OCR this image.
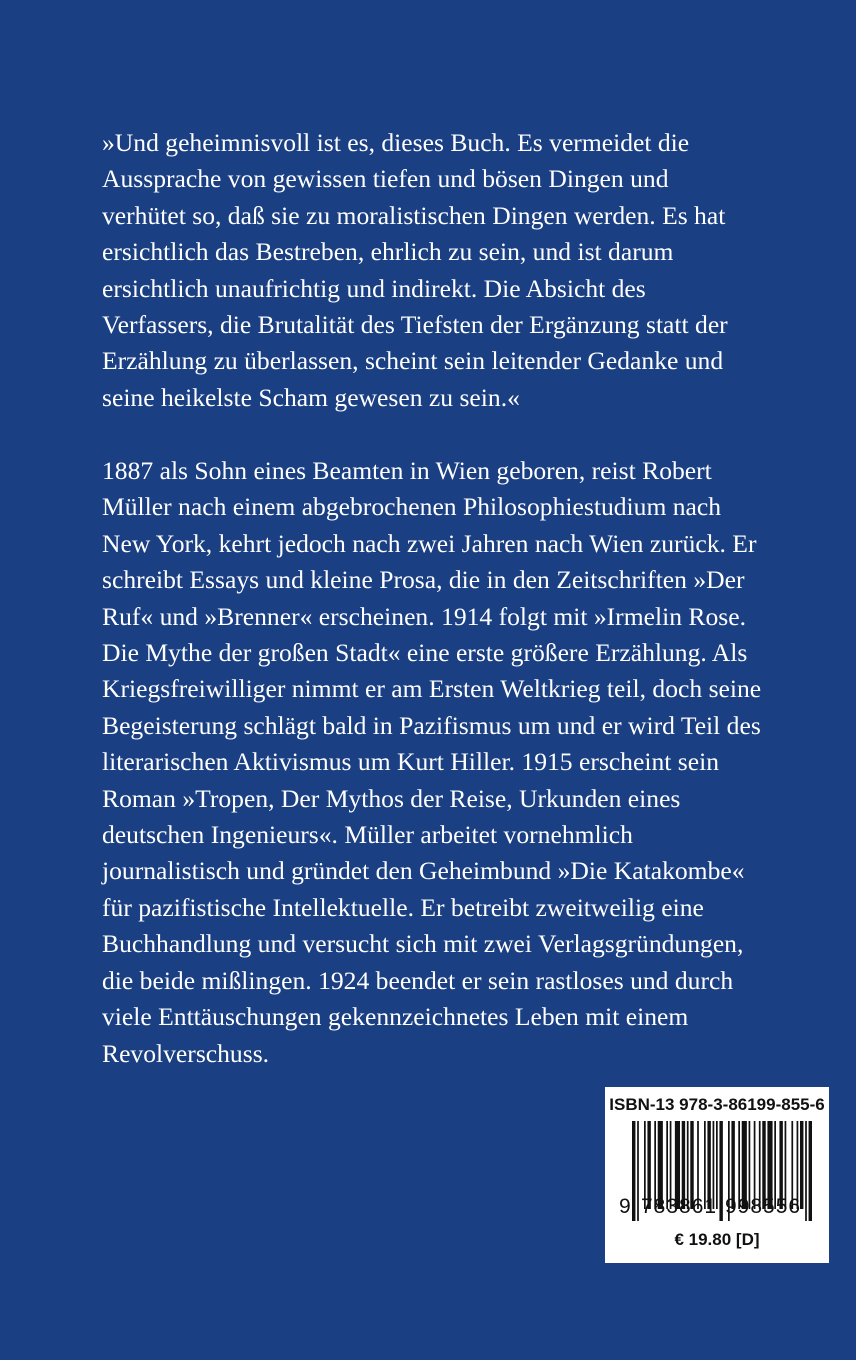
»Und geheimnisvoll ist es, dieses Buch. Es vermeidet die
Aussprache von gewissen tiefen und bösen Dingen und
verhütet so, daß sie zu moralistischen Dingen werden. Es hat
ersichtlich das Bestreben, ehrlich zu sein, und ist darum
ersichtlich unaufrichtig und indirekt. Die Absicht des
Verfassers, die Brutalität des Tiefsten der Ergänzung statt der
Erzählung zu überlassen, scheint sein leitender Gedanke und
seine heikelste Scham gewesen zu sein.«
1887 als Sohn eines Beamten in Wien geboren, reist Robert
Müller nach einem abgebrochenen Philosophiestudium nach
New York, kehrt jedoch nach zwei Jahren nach Wien zurück. Er
schreibt Essays und kleine Prosa, die in den Zeitschriften »Der
Ruf« und »Brenner« erscheinen. 1914 folgt mit »Irmelin Rose.
Die Mythe der großen Stadt« eine erste größere Erzählung. Als
Kriegsfreiwilliger nimmt er am Ersten Weltkrieg teil, doch seine
Begeisterung schlägt bald in Pazifismus um und er wird Teil des
literarischen Aktivismus um Kurt Hiller. 1915 erscheint sein
Roman »Tropen, Der Mythos der Reise, Urkunden eines
deutschen Ingenieurs«. Müller arbeitet vornehmlich
journalistisch und gründet den Geheimbund »Die Katakombe«
für pazifistische Intellektuelle. Er betreibt zweitweilig eine
Buchhandlung und versucht sich mit zwei Verlagsgründungen,
die beide mißlingen. 1924 beendet er sein rastloses und durch
viele Enttäuschungen gekennzeichnetes Leben mit einem
Revolverschuss.
ISBN-13 978-3-86199-855-6
9 783861 998556
€ 19.80 [D]
